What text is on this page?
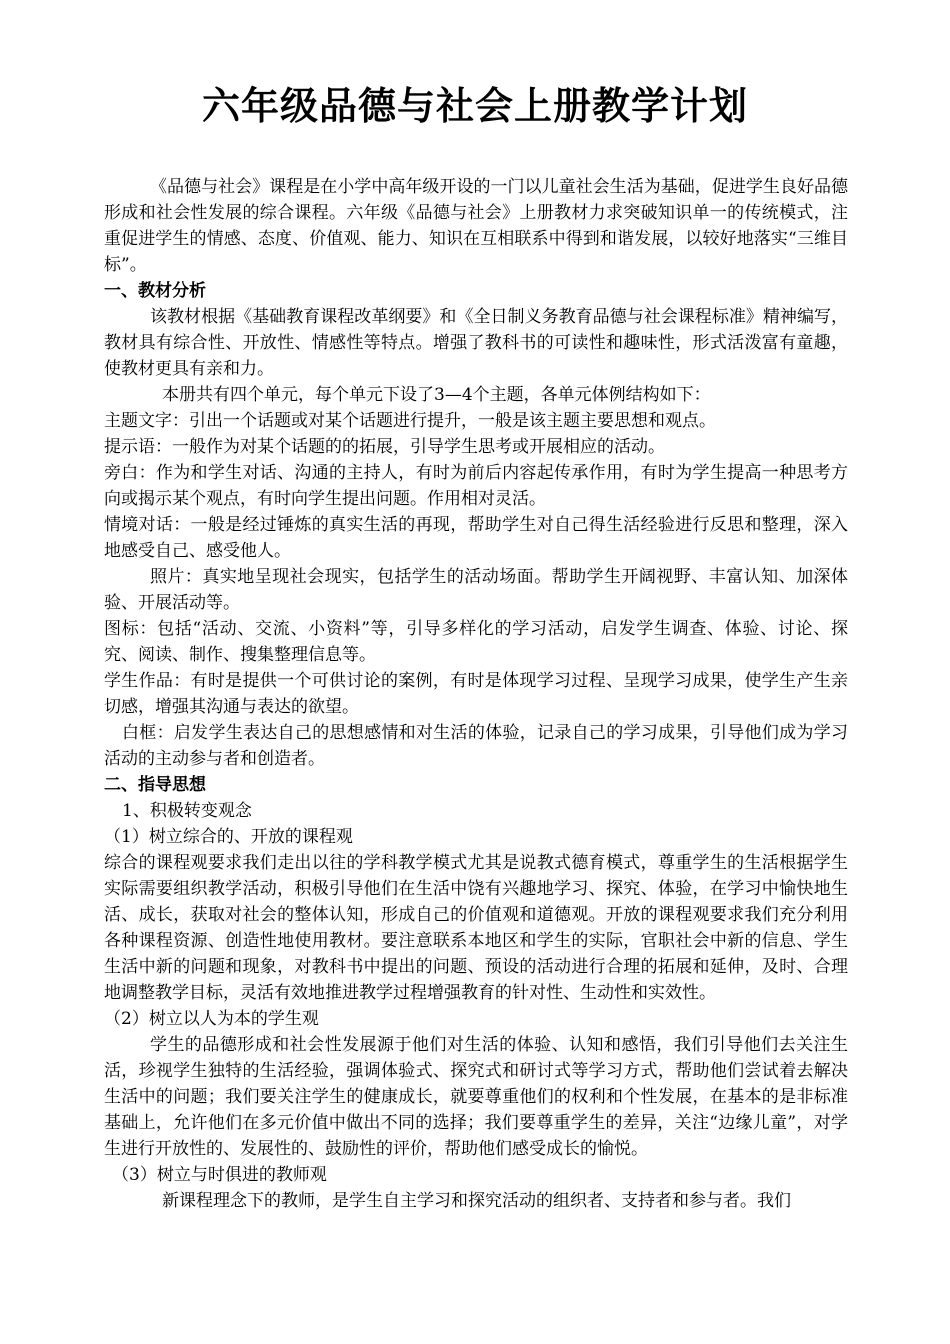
六年级品德与社会上册教学计划

《品德与社会》课程是在小学中高年级开设的一门以儿童社会生活为基础，促进学生良好品德形成和社会性发展的综合课程。六年级《品德与社会》上册教材力求突破知识单一的传统模式，注重促进学生的情感、态度、价值观、能力、知识在互相联系中得到和谐发展，以较好地落实“三维目标”。

一、教材分析

该教材根据《基础教育课程改革纲要》和《全日制义务教育品德与社会课程标准》精神编写，教材具有综合性、开放性、情感性等特点。增强了教科书的可读性和趣味性，形式活泼富有童趣，使教材更具有亲和力。

本册共有四个单元，每个单元下设了3—4个主题，各单元体例结构如下：

主题文字：引出一个话题或对某个话题进行提升，一般是该主题主要思想和观点。

提示语：一般作为对某个话题的的拓展，引导学生思考或开展相应的活动。

旁白：作为和学生对话、沟通的主持人，有时为前后内容起传承作用，有时为学生提高一种思考方向或揭示某个观点，有时向学生提出问题。作用相对灵活。

情境对话：一般是经过锤炼的真实生活的再现，帮助学生对自己得生活经验进行反思和整理，深入地感受自己、感受他人。

照片：真实地呈现社会现实，包括学生的活动场面。帮助学生开阔视野、丰富认知、加深体验、开展活动等。

图标：包括“活动、交流、小资料”等，引导多样化的学习活动，启发学生调查、体验、讨论、探究、阅读、制作、搜集整理信息等。

学生作品：有时是提供一个可供讨论的案例，有时是体现学习过程、呈现学习成果，使学生产生亲切感，增强其沟通与表达的欲望。

白框：启发学生表达自己的思想感情和对生活的体验，记录自己的学习成果，引导他们成为学习活动的主动参与者和创造者。

二、指导思想

1、积极转变观念

（1）树立综合的、开放的课程观

综合的课程观要求我们走出以往的学科教学模式尤其是说教式德育模式，尊重学生的生活根据学生实际需要组织教学活动，积极引导他们在生活中饶有兴趣地学习、探究、体验，在学习中愉快地生活、成长，获取对社会的整体认知，形成自己的价值观和道德观。开放的课程观要求我们充分利用各种课程资源、创造性地使用教材。要注意联系本地区和学生的实际，官职社会中新的信息、学生生活中新的问题和现象，对教科书中提出的问题、预设的活动进行合理的拓展和延伸，及时、合理地调整教学目标，灵活有效地推进教学过程增强教育的针对性、生动性和实效性。

（2）树立以人为本的学生观

学生的品德形成和社会性发展源于他们对生活的体验、认知和感悟，我们引导他们去关注生活，珍视学生独特的生活经验，强调体验式、探究式和研讨式等学习方式，帮助他们尝试着去解决生活中的问题；我们要关注学生的健康成长，就要尊重他们的权利和个性发展，在基本的是非标准基础上，允许他们在多元价值中做出不同的选择；我们要尊重学生的差异，关注“边缘儿童”，对学生进行开放性的、发展性的、鼓励性的评价，帮助他们感受成长的愉悦。

（3）树立与时俱进的教师观

新课程理念下的教师，是学生自主学习和探究活动的组织者、支持者和参与者。我们
